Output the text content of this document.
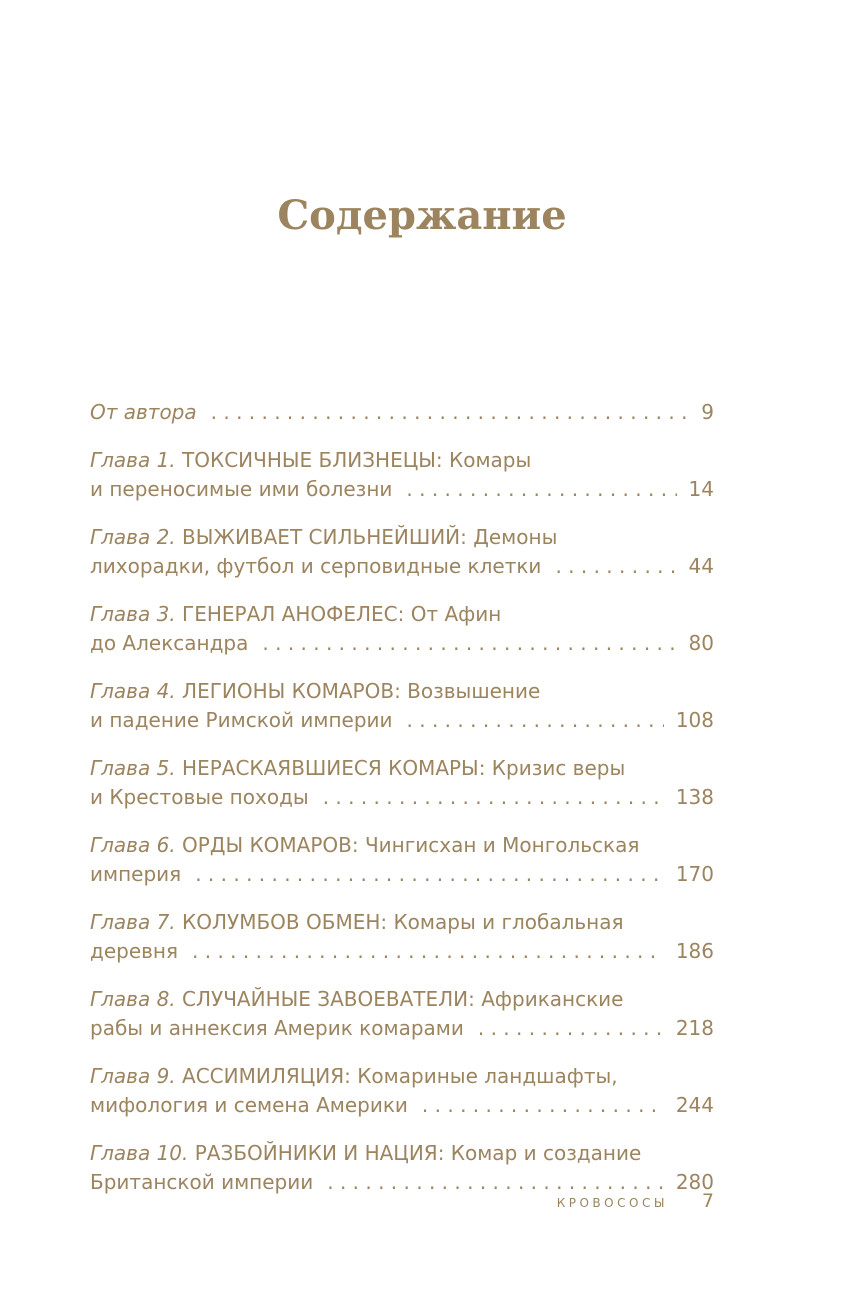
Содержание
От автора . . .	9
Глава 1. ТОКСИЧНЫЕ БЛИЗНЕЦЫ: Комары
и переносимые ими болезни . . .	14
Глава 2. ВЫЖИВАЕТ СИЛЬНЕЙШИЙ: Демоны
лихорадки, футбол и серповидные клетки . . .	44
Глава 3. ГЕНЕРАЛ АНОФЕЛЕС: От Афин
до Александра . . .	80
Глава 4. ЛЕГИОНЫ КОМАРОВ: Возвышение
и падение Римской империи . . .	108
Глава 5. НЕРАСКАЯВШИЕСЯ КОМАРЫ: Кризис веры
и Крестовые походы . . .	138
Глава 6. ОРДЫ КОМАРОВ: Чингисхан и Монгольская
империя . . .	170
Глава 7. КОЛУМБОВ ОБМЕН: Комары и глобальная
деревня . . .	186
Глава 8. СЛУЧАЙНЫЕ ЗАВОЕВАТЕЛИ: Африканские
рабы и аннексия Америк комарами . . .	218
Глава 9. АССИМИЛЯЦИЯ: Комариные ландшафты,
мифология и семена Америки . . .	244
Глава 10. РАЗБОЙНИКИ И НАЦИЯ: Комар и создание
Британской империи . . .	280
КРОВОСОСЫ 7
